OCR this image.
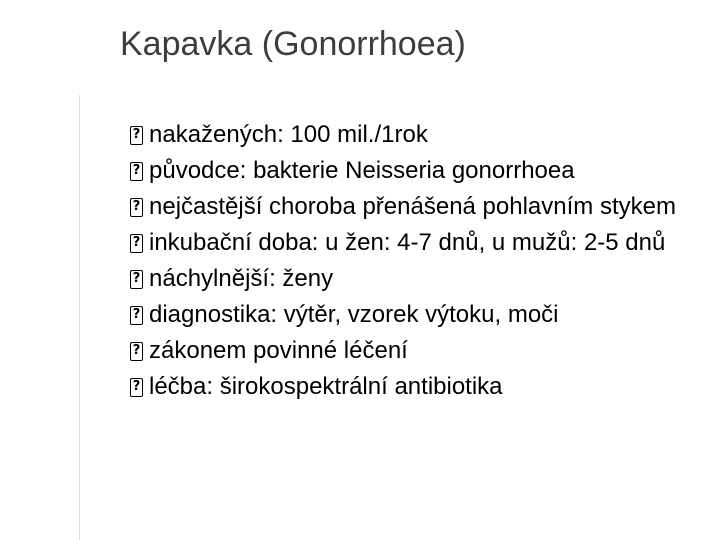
Kapavka (Gonorrhoea)
?
nakažených: 100 mil./1rok
?
původce: bakterie Neisseria gonorrhoea
?
nejčastější choroba přenášená pohlavním stykem
?
inkubační doba: u žen: 4-7 dnů, u mužů: 2-5 dnů
?
náchylnější: ženy
?
diagnostika: výtěr, vzorek výtoku, moči
?
zákonem povinné léčení
?
léčba: širokospektrální antibiotika
